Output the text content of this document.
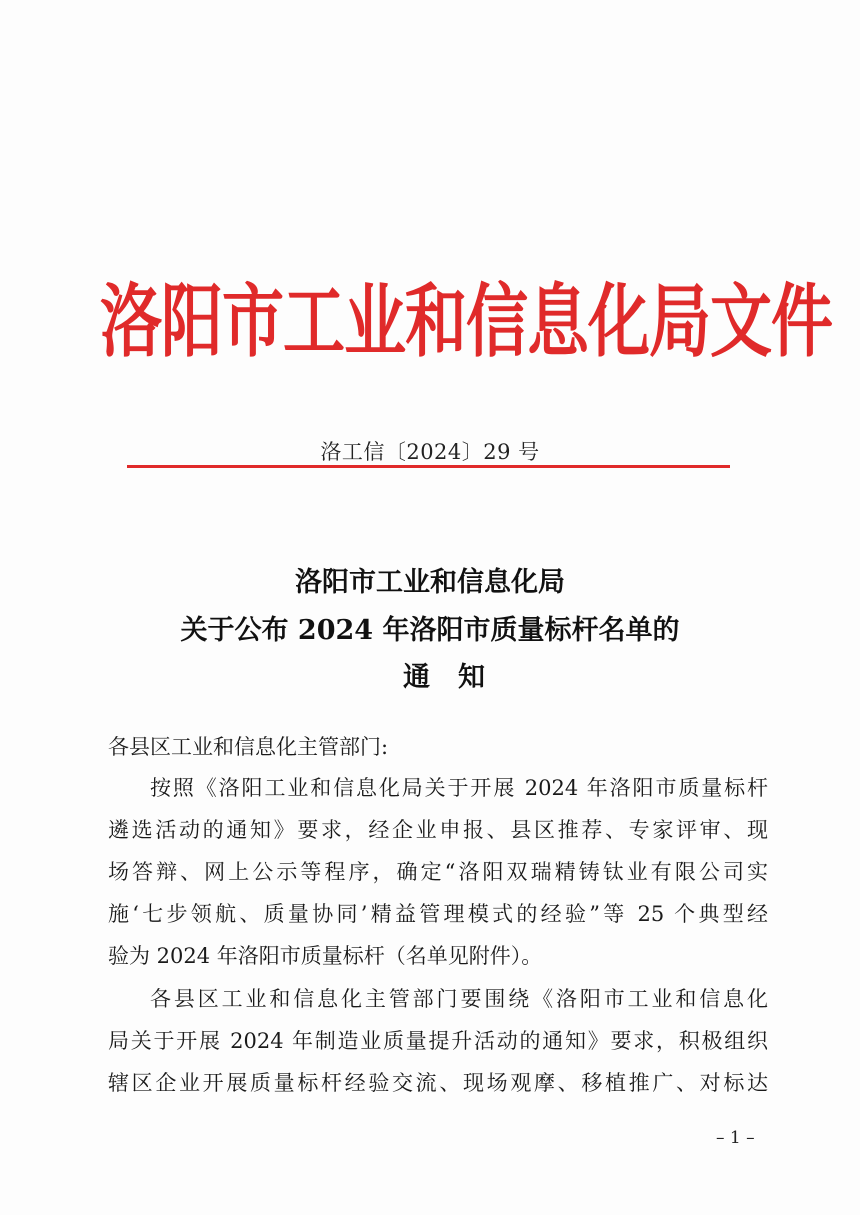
洛阳市工业和信息化局文件
洛工信〔2024〕29 号
洛阳市工业和信息化局
关于公布 2024 年洛阳市质量标杆名单的
通知
各县区工业和信息化主管部门:
按照《洛阳工业和信息化局关于开展 2024 年洛阳市质量标杆
遴选活动的通知》要求，经企业申报、县区推荐、专家评审、现
场答辩、网上公示等程序，确定“洛阳双瑞精铸钛业有限公司实
施‘七步领航、质量协同’精益管理模式的经验”等 25 个典型经
验为 2024 年洛阳市质量标杆（名单见附件）。
各县区工业和信息化主管部门要围绕《洛阳市工业和信息化
局关于开展 2024 年制造业质量提升活动的通知》要求，积极组织
辖区企业开展质量标杆经验交流、现场观摩、移植推广、对标达
– 1 –
